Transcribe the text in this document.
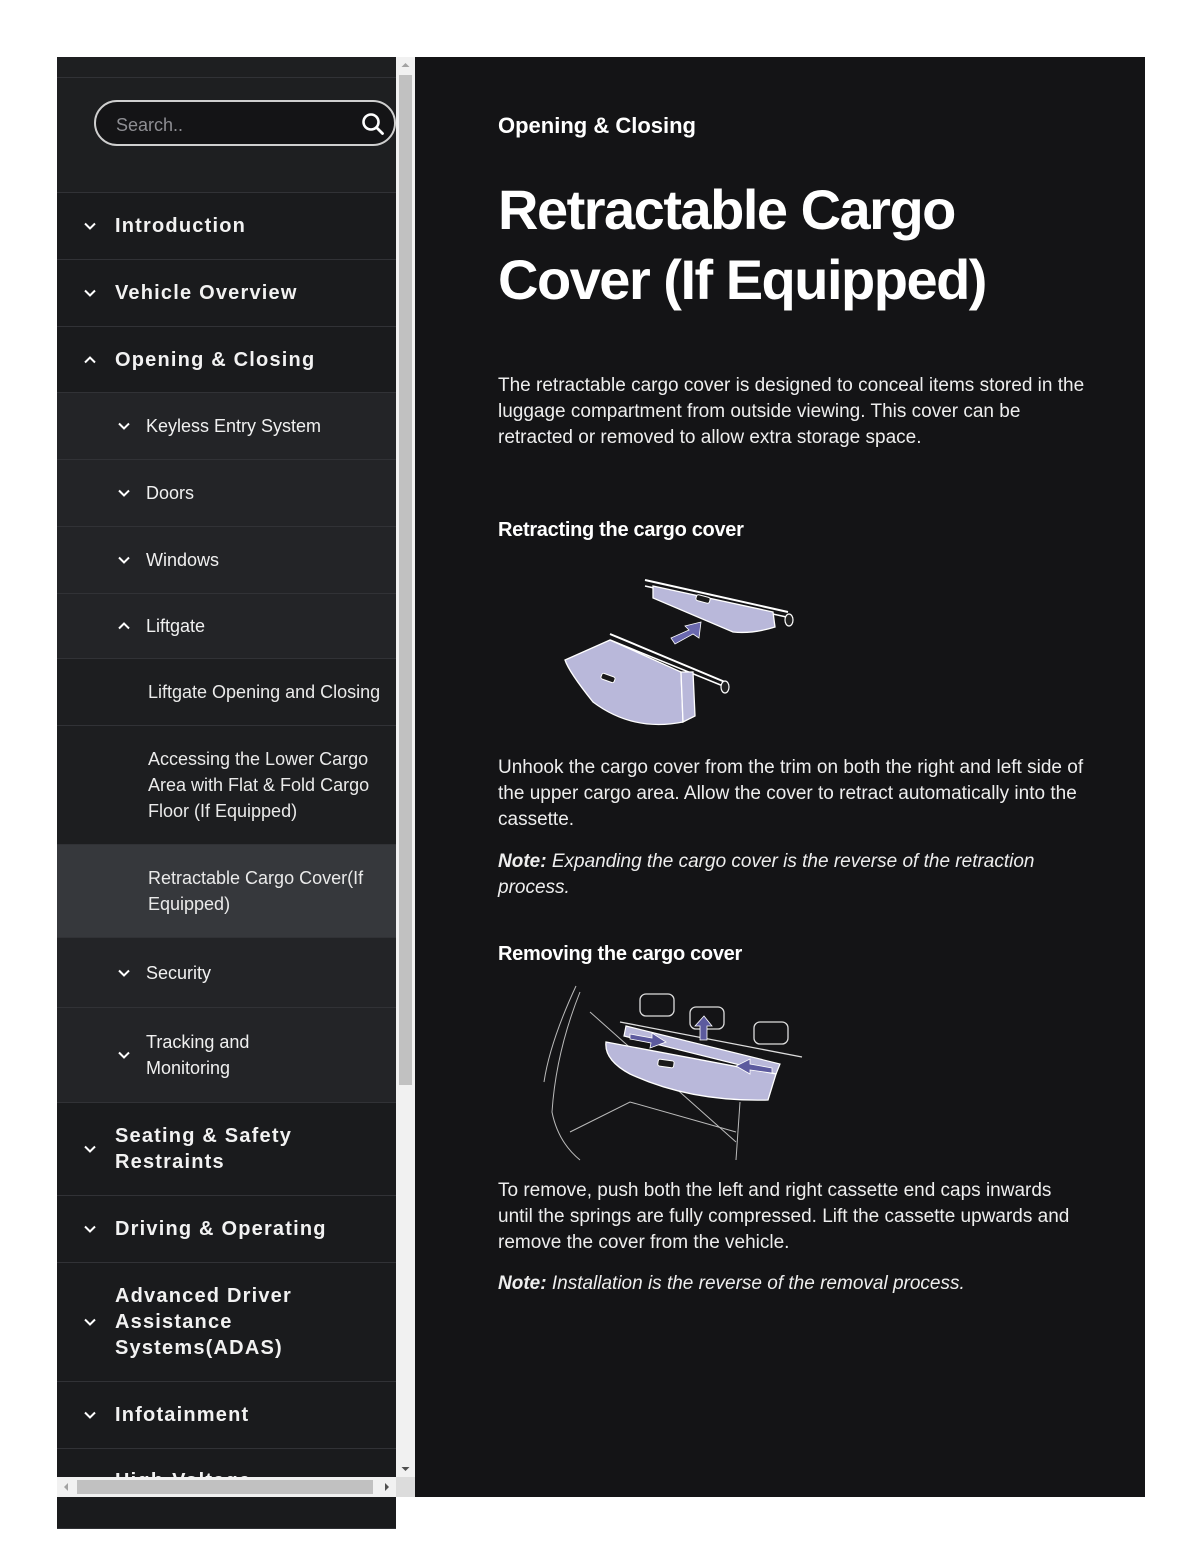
Search..
Introduction
Vehicle Overview
Opening & Closing
Keyless Entry System
Doors
Windows
Liftgate
Liftgate Opening and Closing
Accessing the Lower Cargo Area with Flat & Fold Cargo Floor (If Equipped)
Retractable Cargo Cover(If Equipped)
Security
Tracking and Monitoring
Seating & Safety Restraints
Driving & Operating
Advanced Driver Assistance Systems(ADAS)
Infotainment
Opening & Closing
Retractable Cargo Cover (If Equipped)

The retractable cargo cover is designed to conceal items stored in the luggage compartment from outside viewing. This cover can be retracted or removed to allow extra storage space.

Retracting the cargo cover

Unhook the cargo cover from the trim on both the right and left side of the upper cargo area. Allow the cover to retract automatically into the cassette.

Note: Expanding the cargo cover is the reverse of the retraction process.

Removing the cargo cover

To remove, push both the left and right cassette end caps inwards until the springs are fully compressed. Lift the cassette upwards and remove the cover from the vehicle.

Note: Installation is the reverse of the removal process.
